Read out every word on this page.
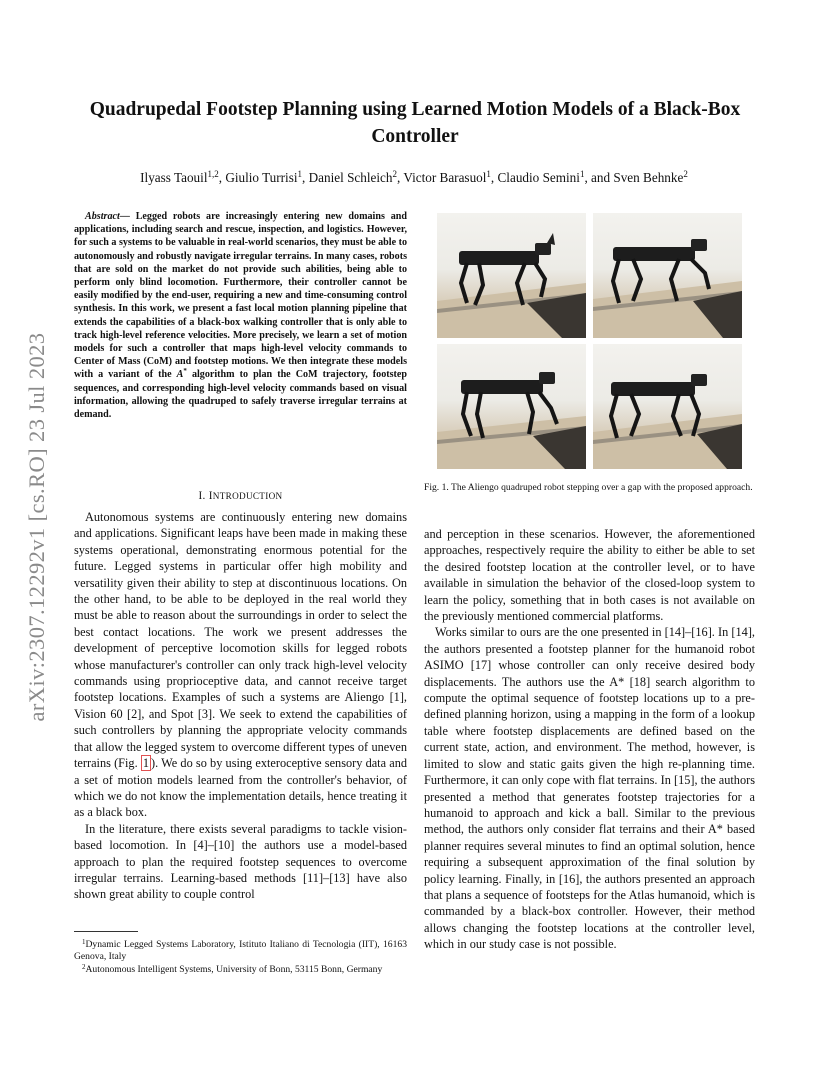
arXiv:2307.12292v1 [cs.RO] 23 Jul 2023
Quadrupedal Footstep Planning using Learned Motion Models of a Black-Box Controller
Ilyass Taouil$^{1,2}$, Giulio Turrisi$^1$, Daniel Schleich$^2$, Victor Barasuol$^1$, Claudio Semini$^1$, and Sven Behnke$^2$

Abstract— Legged robots are increasingly entering new domains and applications, including search and rescue, inspection, and logistics. However, for such a systems to be valuable in real-world scenarios, they must be able to autonomously and robustly navigate irregular terrains. In many cases, robots that are sold on the market do not provide such abilities, being able to perform only blind locomotion. Furthermore, their controller cannot be easily modified by the end-user, requiring a new and time-consuming control synthesis. In this work, we present a fast local motion planning pipeline that extends the capabilities of a black-box walking controller that is only able to track high-level reference velocities. More precisely, we learn a set of motion models for such a controller that maps high-level velocity commands to Center of Mass (CoM) and footstep motions. We then integrate these models with a variant of the A* algorithm to plan the CoM trajectory, footstep sequences, and corresponding high-level velocity commands based on visual information, allowing the quadruped to safely traverse irregular terrains at demand.

I. INTRODUCTION

Autonomous systems are continuously entering new domains and applications. Significant leaps have been made in making these systems operational, demonstrating enormous potential for the future. Legged systems in particular offer high mobility and versatility given their ability to step at discontinuous locations. On the other hand, to be able to be deployed in the real world they must be able to reason about the surroundings in order to select the best contact locations. The work we present addresses the development of perceptive locomotion skills for legged robots whose manufacturer's controller can only track high-level velocity commands using proprioceptive data, and cannot receive target footstep locations. Examples of such a systems are Aliengo [1], Vision 60 [2], and Spot [3]. We seek to extend the capabilities of such controllers by planning the appropriate velocity commands that allow the legged system to overcome different types of uneven terrains (Fig. 1 ). We do so by using exteroceptive sensory data and a set of motion models learned from the controller's behavior, of which we do not know the implementation details, hence treating it as a black box.

In the literature, there exists several paradigms to tackle vision-based locomotion. In [4]–[10] the authors use a model-based approach to plan the required footstep sequences to overcome irregular terrains. Learning-based methods [11]–[13] have also shown great ability to couple control

$^1$Dynamic Legged Systems Laboratory, Istituto Italiano di Tecnologia (IIT), 16163 Genova, Italy

$^2$Autonomous Intelligent Systems, University of Bonn, 53115 Bonn, Germany

Fig. 1. The Aliengo quadruped robot stepping over a gap with the proposed approach.

and perception in these scenarios. However, the aforementioned approaches, respectively require the ability to either be able to set the desired footstep location at the controller level, or to have available in simulation the behavior of the closed-loop system to learn the policy, something that in both cases is not available on the previously mentioned commercial platforms.

Works similar to ours are the one presented in [14]–[16]. In [14], the authors presented a footstep planner for the humanoid robot ASIMO [17] whose controller can only receive desired body displacements. The authors use the A* [18] search algorithm to compute the optimal sequence of footstep locations up to a pre-defined planning horizon, using a mapping in the form of a lookup table where footstep displacements are defined based on the current state, action, and environment. The method, however, is limited to slow and static gaits given the high re-planning time. Furthermore, it can only cope with flat terrains. In [15], the authors presented a method that generates footstep trajectories for a humanoid to approach and kick a ball. Similar to the previous method, the authors only consider flat terrains and their A* based planner requires several minutes to find an optimal solution, hence requiring a subsequent approximation of the final solution by policy learning. Finally, in [16], the authors presented an approach that plans a sequence of footsteps for the Atlas humanoid, which is commanded by a black-box controller. However, their method allows changing the footstep locations at the controller level, which in our study case is not possible.
